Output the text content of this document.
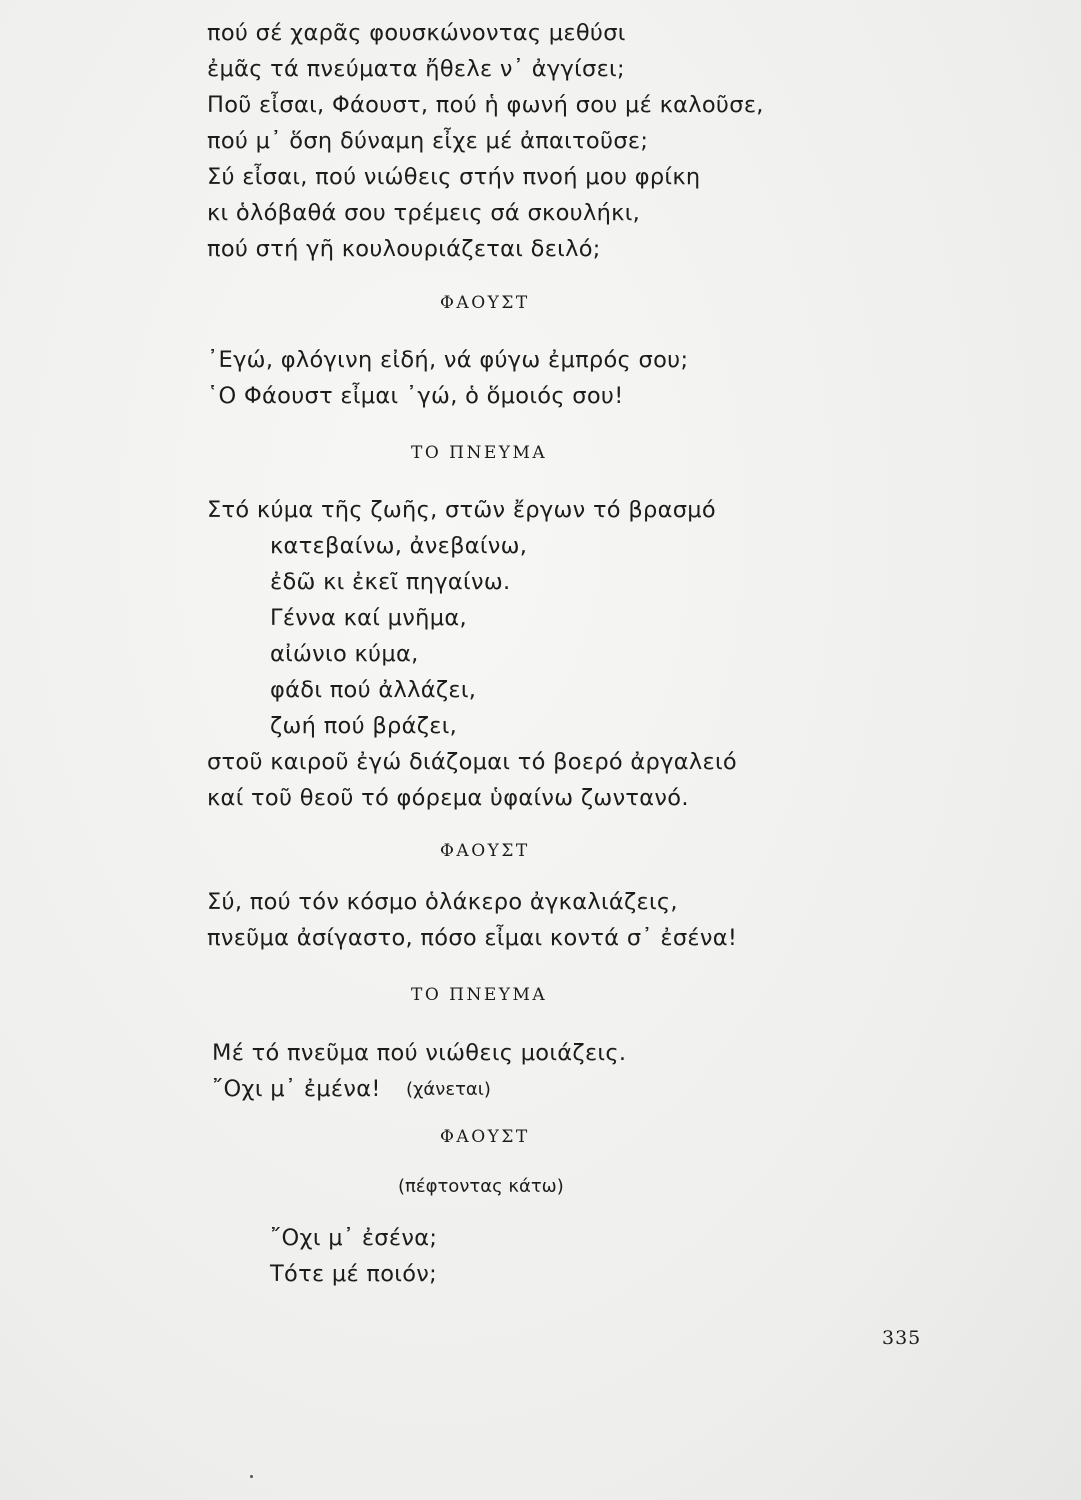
πού σέ χαρᾶς φουσκώνοντας μεθύσι
ἐμᾶς τά πνεύματα ἤθελε ν᾽ ἀγγίσει;
Ποῦ εἶσαι, Φάουστ, πού ἡ φωνή σου μέ καλοῦσε,
πού μ᾽ ὅση δύναμη εἶχε μέ ἀπαιτοῦσε;
Σύ εἶσαι, πού νιώθεις στήν πνοή μου φρίκη
κι ὁλόβαθά σου τρέμεις σά σκουλήκι,
πού στή γῆ κουλουριάζεται δειλό;
ΦΑΟΥΣΤ
᾽Εγώ, φλόγινη εἰδή, νά φύγω ἐμπρός σου;
῾Ο Φάουστ εἶμαι ᾽γώ, ὁ ὅμοιός σου!
ΤΟ ΠΝΕΥΜΑ
Στό κύμα τῆς ζωῆς, στῶν ἔργων τό βρασμό
κατεβαίνω, ἀνεβαίνω,
ἐδῶ κι ἐκεῖ πηγαίνω.
Γέννα καί μνῆμα,
αἰώνιο κύμα,
φάδι πού ἀλλάζει,
ζωή πού βράζει,
στοῦ καιροῦ ἐγώ διάζομαι τό βοερό ἀργαλειό
καί τοῦ θεοῦ τό φόρεμα ὑφαίνω ζωντανό.
ΦΑΟΥΣΤ
Σύ, πού τόν κόσμο ὁλάκερο ἀγκαλιάζεις,
πνεῦμα ἀσίγαστο, πόσο εἶμαι κοντά σ᾽ ἐσένα!
ΤΟ ΠΝΕΥΜΑ
Μέ τό πνεῦμα πού νιώθεις μοιάζεις.
῎Οχι μ᾽ ἐμένα! (χάνεται)
ΦΑΟΥΣΤ
(πέφτοντας κάτω)
῎Οχι μ᾽ ἐσένα;
Τότε μέ ποιόν;
335
